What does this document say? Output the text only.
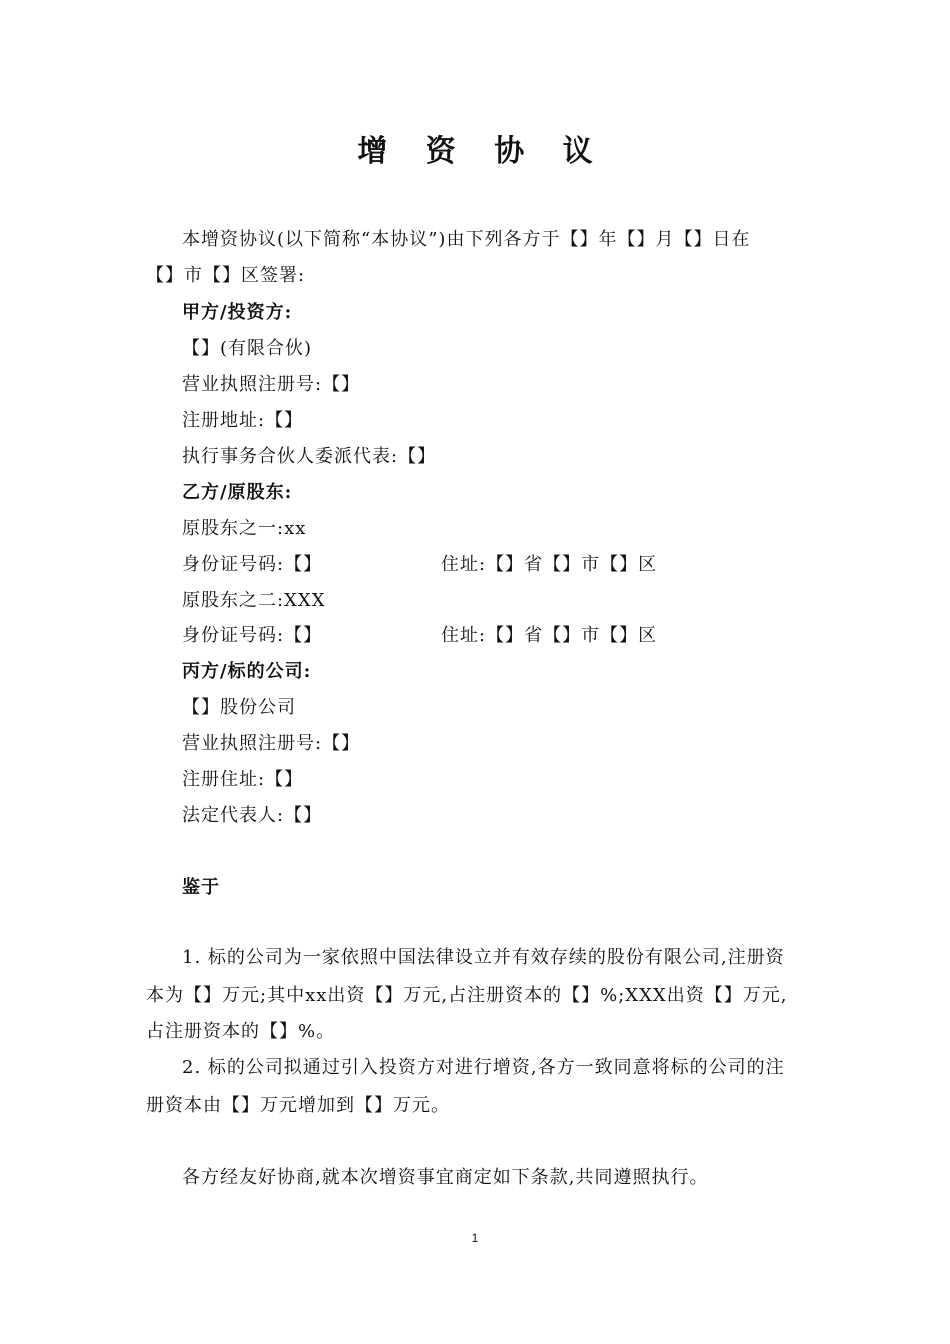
增 资 协 议
本增资协议(以下简称“本协议”)由下列各方于【】年【】月【】日在
【】市【】区签署:
甲方/投资方:
【】(有限合伙)
营业执照注册号:【】
注册地址:【】
执行事务合伙人委派代表:【】
乙方/原股东:
原股东之一:xx
身份证号码:【】	住址:【】省【】市【】区
原股东之二:XXX
身份证号码:【】	住址:【】省【】市【】区
丙方/标的公司:
【】股份公司
营业执照注册号:【】
注册住址:【】
法定代表人:【】
鉴于
1. 标的公司为一家依照中国法律设立并有效存续的股份有限公司,注册资
本为【】万元;其中xx出资【】万元,占注册资本的【】%;XXX出资【】万元,
占注册资本的【】%。
2. 标的公司拟通过引入投资方对进行增资,各方一致同意将标的公司的注
册资本由【】万元增加到【】万元。
各方经友好协商,就本次增资事宜商定如下条款,共同遵照执行。
1
